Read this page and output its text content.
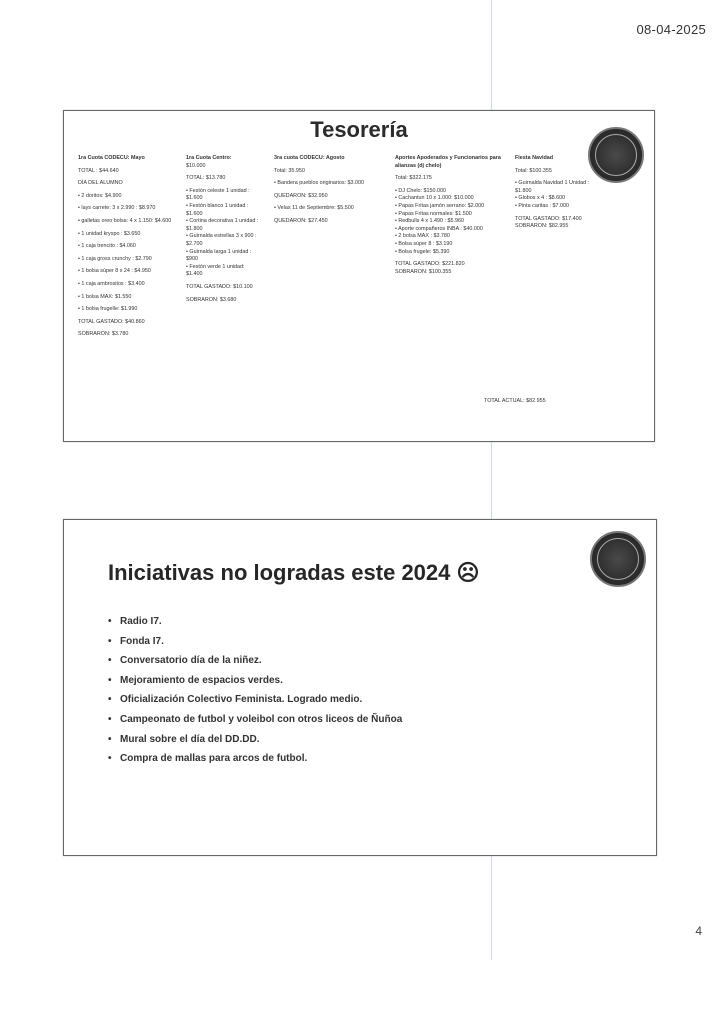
08-04-2025
Tesorería
1ra Cuota CODECU: Mayo
TOTAL : $44.640
DÍA DEL ALUMNO
• 2 doritos: $4.900
• lays carrete: 3 x 2.990 : $8.970
• galletas oreo bolsa: 4 x 1.150: $4.600
• 1 unidad kryspo : $3.650
• 1 caja trencito : $4.060
• 1 caja gross crunchy : $2.790
• 1 bolsa súper 8 x 24 : $4.950
• 1 caja ambrositos : $3.400
• 1 bolsa MAX: $1.550
• 1 bolsa frugelle: $1.990
TOTAL GASTADO: $40.860
SOBRARON: $3.780
1ra Cuota Centro:
$10.000
TOTAL: $13.780
• Festón celeste 1 unidad : $1.600
• Festón blanco 1 unidad : $1.600
• Cortina decorativa 1 unidad : $1.800
• Guirnalda estrellas 3 x 900 : $2.700
• Guirnalda larga 1 unidad : $900
• Festón verde 1 unidad: $1.400
TOTAL GASTADO: $10.100
SOBRARON: $3.680
3ra cuota CODECU: Agosto
Total: 35.950
• Bandera pueblos originarios: $3.000
QUEDARON: $32.950
• Velas 11 de Septiembre: $5.500
QUEDARON: $27.450
Aportes Apoderados y Funcionarios para alianzas (dj chelo)
Total: $322.175
• DJ Chelo: $150.000
• Cachantun 10 x 1.000: $10.000
• Papas Fritas jamón serrano: $2.000
• Papas Fritas normales: $1.500
• Redbulls 4 x 1.490 : $5.960
• Aporte compañeros INBA : $40.000
• 2 bolsa MAX : $3.780
• Bolsa súper 8 : $3.190
• Bolsa frugele: $5.390
TOTAL GASTADO: $221.820
SOBRARON: $100.355
Fiesta Navidad
Total: $100.355
• Guirnalda Navidad 1 Unidad : $1.800
• Globos x 4 : $8.600
• Pinta caritas : $7.000
TOTAL GASTADO: $17.400
SOBRARON: $82.955
TOTAL ACTUAL: $82.955
Iniciativas no logradas este 2024 ☹
• Radio I7.
• Fonda I7.
• Conversatorio día de la niñez.
• Mejoramiento de espacios verdes.
• Oficialización Colectivo Feminista. Logrado medio.
• Campeonato de futbol y voleibol con otros liceos de Ñuñoa
• Mural sobre el día del DD.DD.
• Compra de mallas para arcos de futbol.
4
